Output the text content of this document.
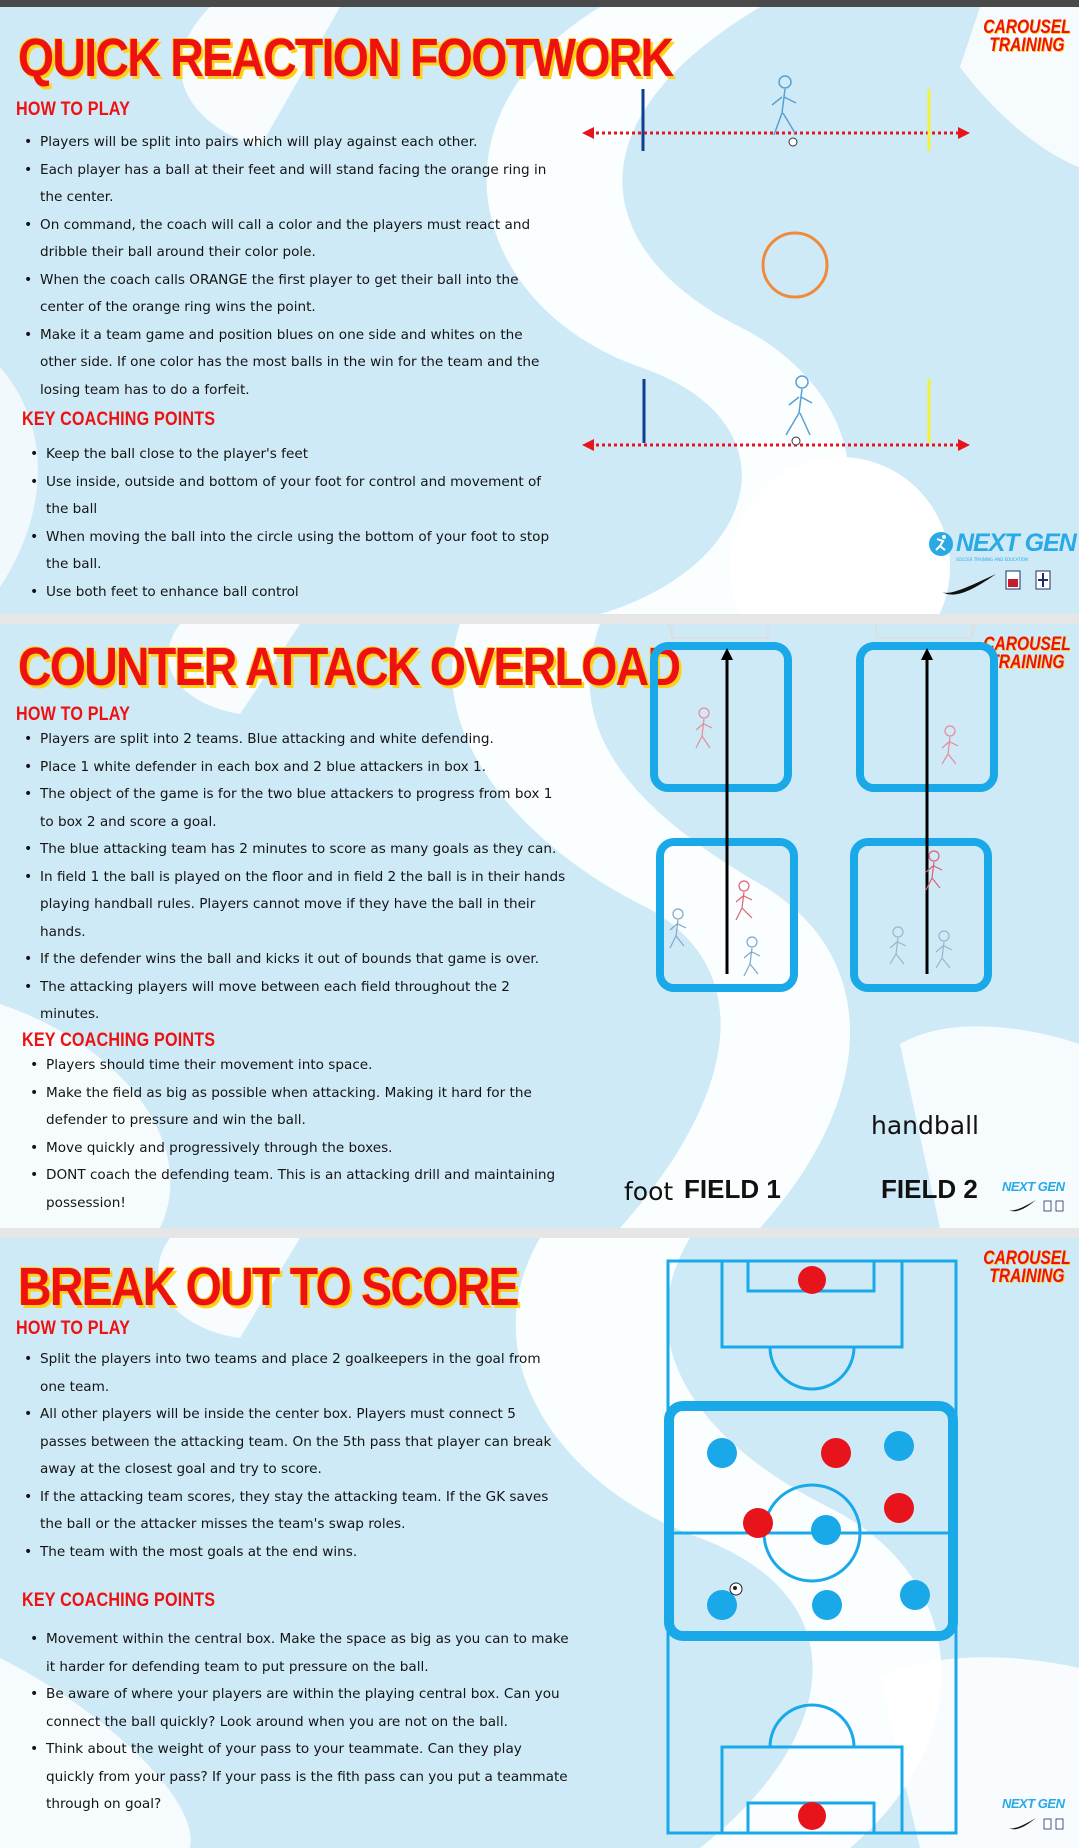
QUICK REACTION FOOTWORK
CAROUSEL
TRAINING
HOW TO PLAY
• Players will be split into pairs which will play against each other.
• Each player has a ball at their feet and will stand facing the orange ring in the center.
• On command, the coach will call a color and the players must react and dribble their ball around their color pole.
• When the coach calls ORANGE the first player to get their ball into the center of the orange ring wins the point.
• Make it a team game and position blues on one side and whites on the other side. If one color has the most balls in the win for the team and the losing team has to do a forfeit.
KEY COACHING POINTS
• Keep the ball close to the player's feet
• Use inside, outside and bottom of your foot for control and movement of the ball
• When moving the ball into the circle using the bottom of your foot to stop the ball.
• Use both feet to enhance ball control
NEXT GEN
SOCCER TRAINING AND EDUCATION
COUNTER ATTACK OVERLOAD	CAROUSEL
TRAINING
HOW TO PLAY
• Players are split into 2 teams. Blue attacking and white defending.
• Place 1 white defender in each box and 2 blue attackers in box 1.
• The object of the game is for the two blue attackers to progress from box 1 to box 2 and score a goal.
• The blue attacking team has 2 minutes to score as many goals as they can.
• In field 1 the ball is played on the floor and in field 2 the ball is in their hands playing handball rules. Players cannot move if they have the ball in their hands.
• If the defender wins the ball and kicks it out of bounds that game is over.
• The attacking players will move between each field throughout the 2 minutes.
KEY COACHING POINTS
• Players should time their movement into space.
• Make the field as big as possible when attacking. Making it hard for the defender to pressure and win the ball.
• Move quickly and progressively through the boxes.
• DONT coach the defending team. This is an attacking drill and maintaining possession!	foot FIELD 1	FIELD 2
handball
NEXT GEN
BREAK OUT TO SCORE	CAROUSEL
TRAINING
HOW TO PLAY
• Split the players into two teams and place 2 goalkeepers in the goal from one team.
• All other players will be inside the center box. Players must connect 5 passes between the attacking team. On the 5th pass that player can break away at the closest goal and try to score.
• If the attacking team scores, they stay the attacking team. If the GK saves the ball or the attacker misses the team's swap roles.
• The team with the most goals at the end wins.
KEY COACHING POINTS
• Movement within the central box. Make the space as big as you can to make it harder for defending team to put pressure on the ball.
• Be aware of where your players are within the playing central box. Can you connect the ball quickly? Look around when you are not on the ball.
• Think about the weight of your pass to your teammate. Can they play quickly from your pass? If your pass is the fith pass can you put a teammate through on goal?	NEXT GEN
